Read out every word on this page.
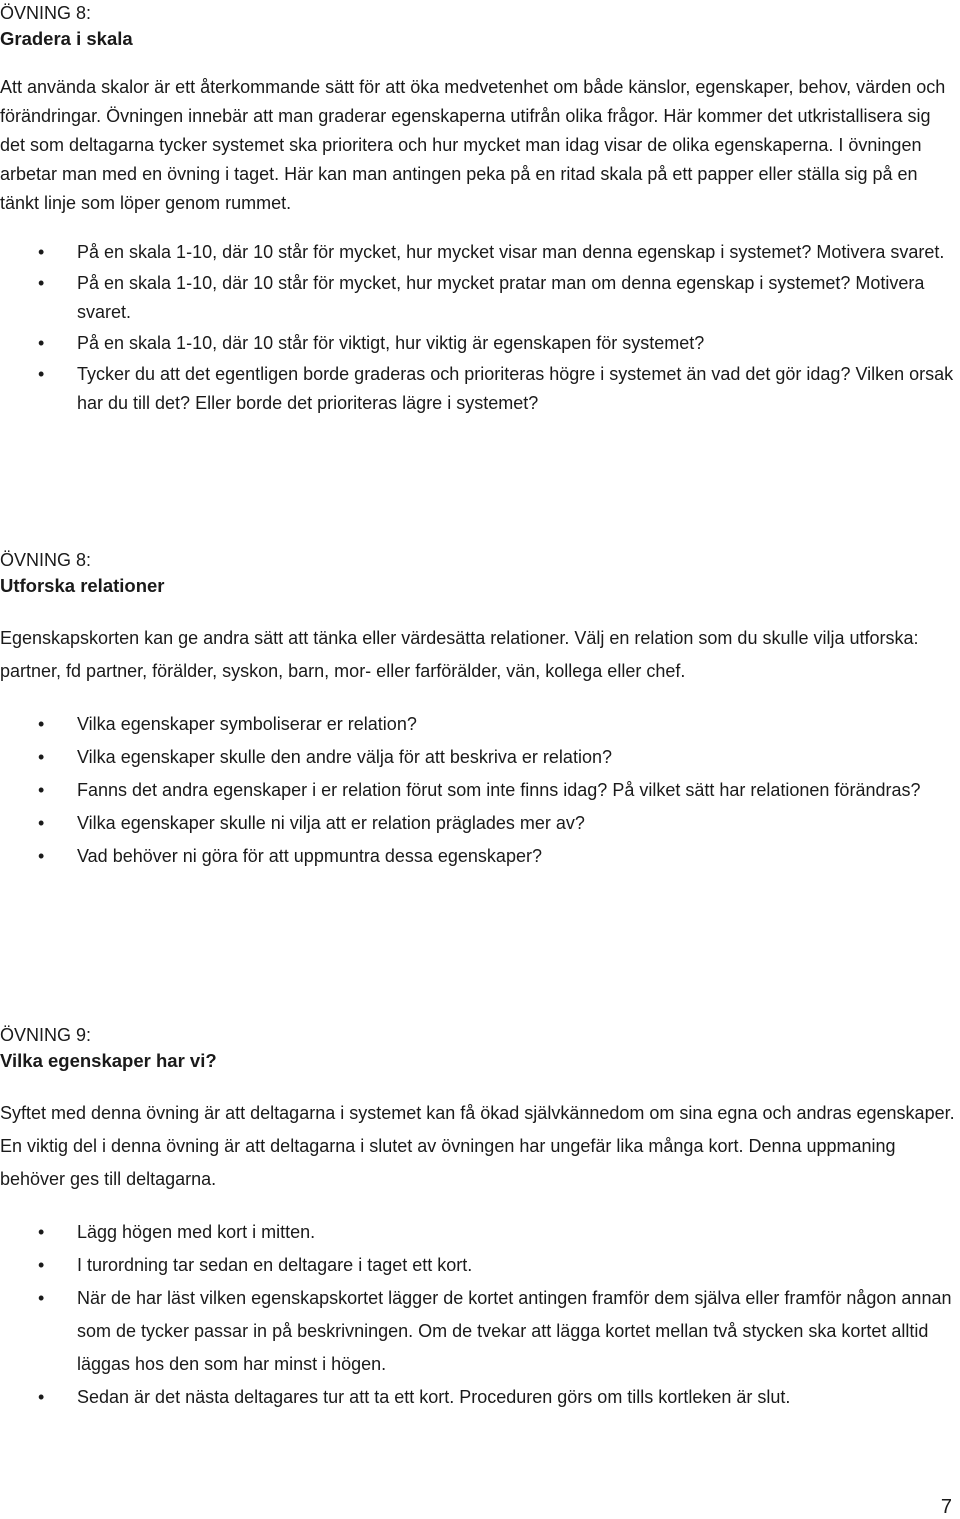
ÖVNING 8:

Gradera i skala

Att använda skalor är ett återkommande sätt för att öka medvetenhet om både känslor, egenskaper, behov, värden och förändringar. Övningen innebär att man graderar egenskaperna utifrån olika frågor. Här kommer det utkristallisera sig det som deltagarna tycker systemet ska prioritera och hur mycket man idag visar de olika egenskaperna. I övningen arbetar man med en övning i taget. Här kan man antingen peka på en ritad skala på ett papper eller ställa sig på en tänkt linje som löper genom rummet.

• På en skala 1-10, där 10 står för mycket, hur mycket visar man denna egenskap i systemet? Motivera svaret.
• På en skala 1-10, där 10 står för mycket, hur mycket pratar man om denna egenskap i systemet? Motivera svaret.
• På en skala 1-10, där 10 står för viktigt, hur viktig är egenskapen för systemet?
• Tycker du att det egentligen borde graderas och prioriteras högre i systemet än vad det gör idag? Vilken orsak har du till det? Eller borde det prioriteras lägre i systemet?

ÖVNING 8:

Utforska relationer

Egenskapskorten kan ge andra sätt att tänka eller värdesätta relationer. Välj en relation som du skulle vilja utforska: partner, fd partner, förälder, syskon, barn, mor- eller farförälder, vän, kollega eller chef.

• Vilka egenskaper symboliserar er relation?
• Vilka egenskaper skulle den andre välja för att beskriva er relation?
• Fanns det andra egenskaper i er relation förut som inte finns idag? På vilket sätt har relationen förändras?
• Vilka egenskaper skulle ni vilja att er relation präglades mer av?
• Vad behöver ni göra för att uppmuntra dessa egenskaper?

ÖVNING 9:

Vilka egenskaper har vi?

Syftet med denna övning är att deltagarna i systemet kan få ökad självkännedom om sina egna och andras egenskaper. En viktig del i denna övning är att deltagarna i slutet av övningen har ungefär lika många kort. Denna uppmaning behöver ges till deltagarna.

• Lägg högen med kort i mitten.
• I turordning tar sedan en deltagare i taget ett kort.
• När de har läst vilken egenskapskortet lägger de kortet antingen framför dem själva eller framför någon annan som de tycker passar in på beskrivningen. Om de tvekar att lägga kortet mellan två stycken ska kortet alltid läggas hos den som har minst i högen.
• Sedan är det nästa deltagares tur att ta ett kort. Proceduren görs om tills kortleken är slut.
7
